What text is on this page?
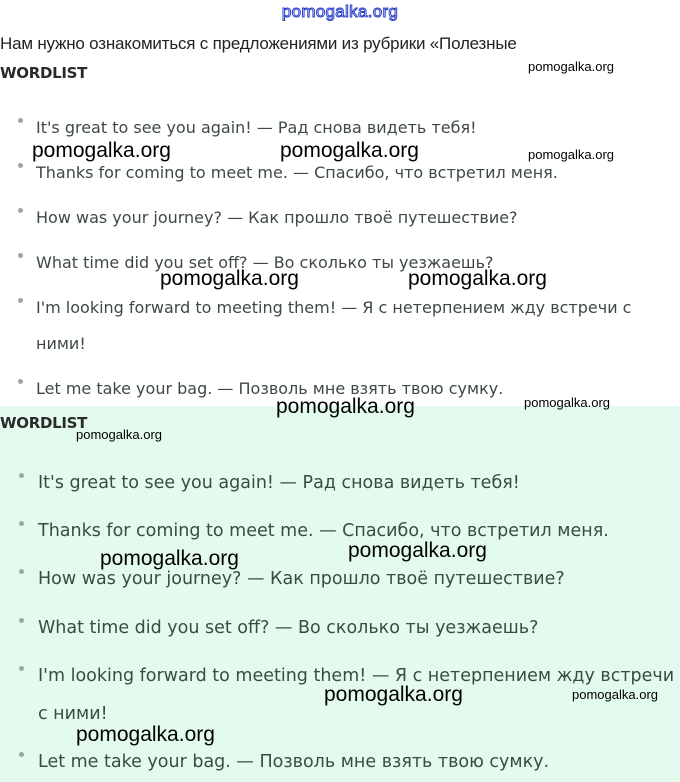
pomogalka.org
Нам нужно ознакомиться с предложениями из рубрики «Полезные
WORDLIST
It's great to see you again! — Рад снова видеть тебя!
Thanks for coming to meet me. — Спасибо, что встретил меня.
How was your journey? — Как прошло твоё путешествие?
What time did you set off? — Во сколько ты уезжаешь?
I'm looking forward to meeting them! — Я с нетерпением жду встречи с
ними!
Let me take your bag. — Позволь мне взять твою сумку.
WORDLIST
It's great to see you again! — Рад снова видеть тебя!
Thanks for coming to meet me. — Спасибо, что встретил меня.
How was your journey? — Как прошло твоё путешествие?
What time did you set off? — Во сколько ты уезжаешь?
I'm looking forward to meeting them! — Я с нетерпением жду встречи
с ними!
Let me take your bag. — Позволь мне взять твою сумку.
pomogalka.org
pomogalka.org	pomogalka.org	pomogalka.org
pomogalka.org	pomogalka.org
pomogalka.org	pomogalka.org
pomogalka.org
pomogalka.org
pomogalka.org
pomogalka.org	pomogalka.org
pomogalka.org
